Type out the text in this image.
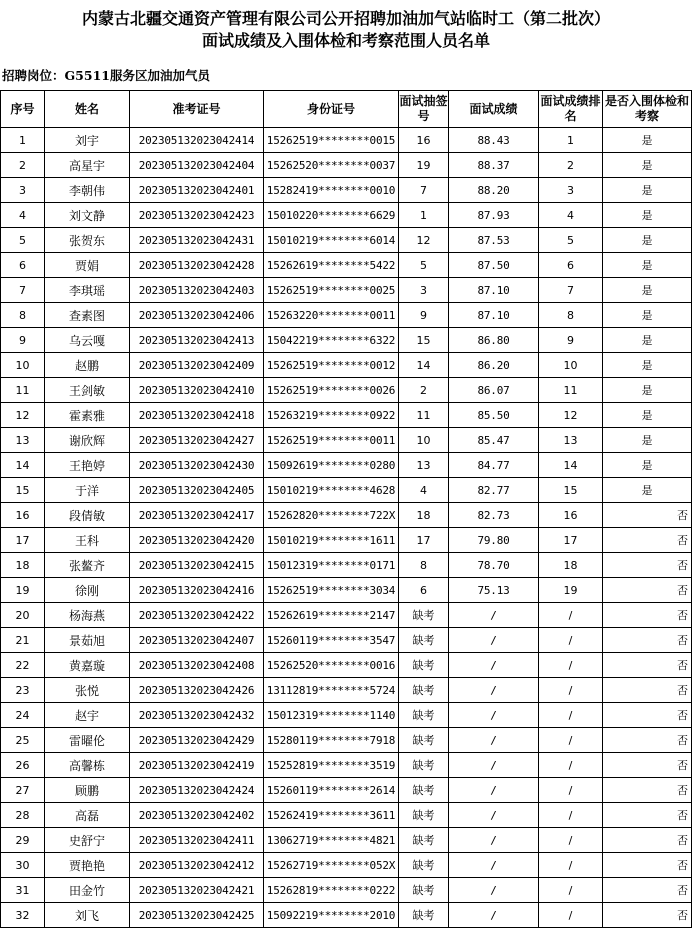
内蒙古北疆交通资产管理有限公司公开招聘加油加气站临时工（第二批次）
面试成绩及入围体检和考察范围人员名单
招聘岗位：G5511服务区加油加气员
序号	姓名	准考证号	身份证号	面试抽签号	面试成绩	面试成绩排名	是否入围体检和考察
1	刘宇	202305132023042414	15262519********0015	16	88.43	1	是
2	高星宇	202305132023042404	15262520********0037	19	88.37	2	是
3	李朝伟	202305132023042401	15282419********0010	7	88.20	3	是
4	刘文静	202305132023042423	15010220********6629	1	87.93	4	是
5	张贺东	202305132023042431	15010219********6014	12	87.53	5	是
6	贾娟	202305132023042428	15262619********5422	5	87.50	6	是
7	李琪瑶	202305132023042403	15262519********0025	3	87.10	7	是
8	查素图	202305132023042406	15263220********0011	9	87.10	8	是
9	乌云嘎	202305132023042413	15042219********6322	15	86.80	9	是
10	赵鹏	202305132023042409	15262519********0012	14	86.20	10	是
11	王剑敏	202305132023042410	15262519********0026	2	86.07	11	是
12	霍素雅	202305132023042418	15263219********0922	11	85.50	12	是
13	谢欣辉	202305132023042427	15262519********0011	10	85.47	13	是
14	王艳婷	202305132023042430	15092619********0280	13	84.77	14	是
15	于洋	202305132023042405	15010219********4628	4	82.77	15	是
16	段倩敏	202305132023042417	15262820********722X	18	82.73	16	否
17	王科	202305132023042420	15010219********1611	17	79.80	17	否
18	张鳌齐	202305132023042415	15012319********0171	8	78.70	18	否
19	徐刚	202305132023042416	15262519********3034	6	75.13	19	否
20	杨海燕	202305132023042422	15262619********2147	缺考	/	/	否
21	景茹旭	202305132023042407	15260119********3547	缺考	/	/	否
22	黄嘉璇	202305132023042408	15262520********0016	缺考	/	/	否
23	张悦	202305132023042426	13112819********5724	缺考	/	/	否
24	赵宇	202305132023042432	15012319********1140	缺考	/	/	否
25	雷曜伦	202305132023042429	15280119********7918	缺考	/	/	否
26	高馨栋	202305132023042419	15252819********3519	缺考	/	/	否
27	顾鹏	202305132023042424	15260119********2614	缺考	/	/	否
28	高磊	202305132023042402	15262419********3611	缺考	/	/	否
29	史舒宁	202305132023042411	13062719********4821	缺考	/	/	否
30	贾艳艳	202305132023042412	15262719********052X	缺考	/	/	否
31	田金竹	202305132023042421	15262819********0222	缺考	/	/	否
32	刘飞	202305132023042425	15092219********2010	缺考	/	/	否
